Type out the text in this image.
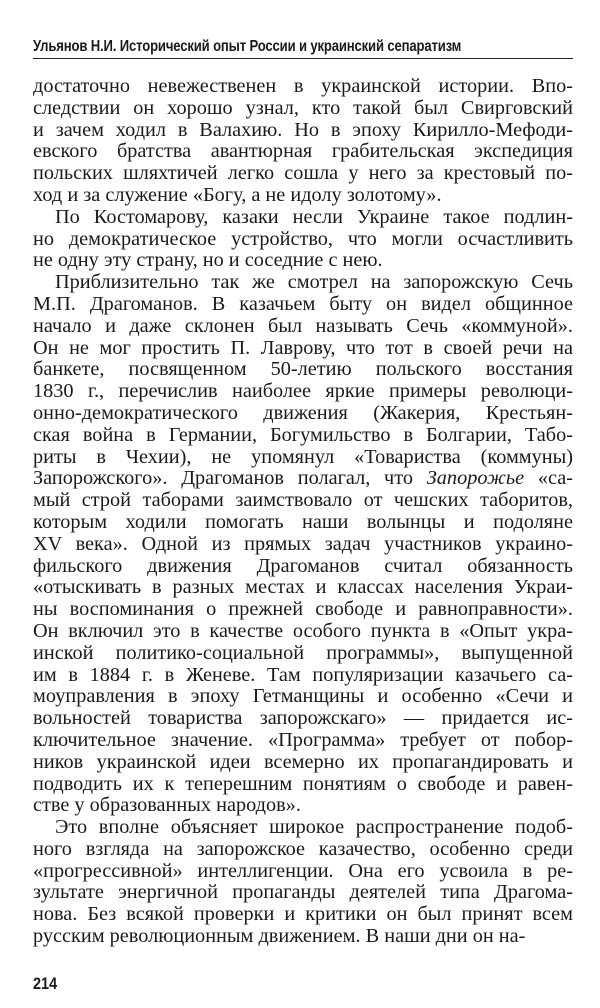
Ульянов Н.И. Исторический опыт России и украинский сепаратизм
достаточно невежественен в украинской истории. Впо-
следствии он хорошо узнал, кто такой был Свирговский
и зачем ходил в Валахию. Но в эпоху Кирилло-Мефоди-
евского братства авантюрная грабительская экспедиция
польских шляхтичей легко сошла у него за крестовый по-
ход и за служение «Богу, а не идолу золотому».
По Костомарову, казаки несли Украине такое подлин-
но демократическое устройство, что могли осчастливить
не одну эту страну, но и соседние с нею.
Приблизительно так же смотрел на запорожскую Сечь
М.П. Драгоманов. В казачьем быту он видел общинное
начало и даже склонен был называть Сечь «коммуной».
Он не мог простить П. Лаврову, что тот в своей речи на
банкете, посвященном 50-летию польского восстания
1830 г., перечислив наиболее яркие примеры революци-
онно-демократического движения (Жакерия, Крестьян-
ская война в Германии, Богумильство в Болгарии, Табо-
риты в Чехии), не упомянул «Товариства (коммуны)
Запорожского». Драгоманов полагал, что Запорожье «са-
мый строй таборами заимствовало от чешских таборитов,
которым ходили помогать наши волынцы и подоляне
XV века». Одной из прямых задач участников украино-
фильского движения Драгоманов считал обязанность
«отыскивать в разных местах и классах населения Украи-
ны воспоминания о прежней свободе и равноправности».
Он включил это в качестве особого пункта в «Опыт укра-
инской политико-социальной программы», выпущенной
им в 1884 г. в Женеве. Там популяризации казачьего са-
моуправления в эпоху Гетманщины и особенно «Сечи и
вольностей товариства запорожскаго» — придается ис-
ключительное значение. «Программа» требует от побор-
ников украинской идеи всемерно их пропагандировать и
подводить их к теперешним понятиям о свободе и равен-
стве у образованных народов».
Это вполне объясняет широкое распространение подоб-
ного взгляда на запорожское казачество, особенно среди
«прогрессивной» интеллигенции. Она его усвоила в ре-
зультате энергичной пропаганды деятелей типа Драгома-
нова. Без всякой проверки и критики он был принят всем
русским революционным движением. В наши дни он на-
214
